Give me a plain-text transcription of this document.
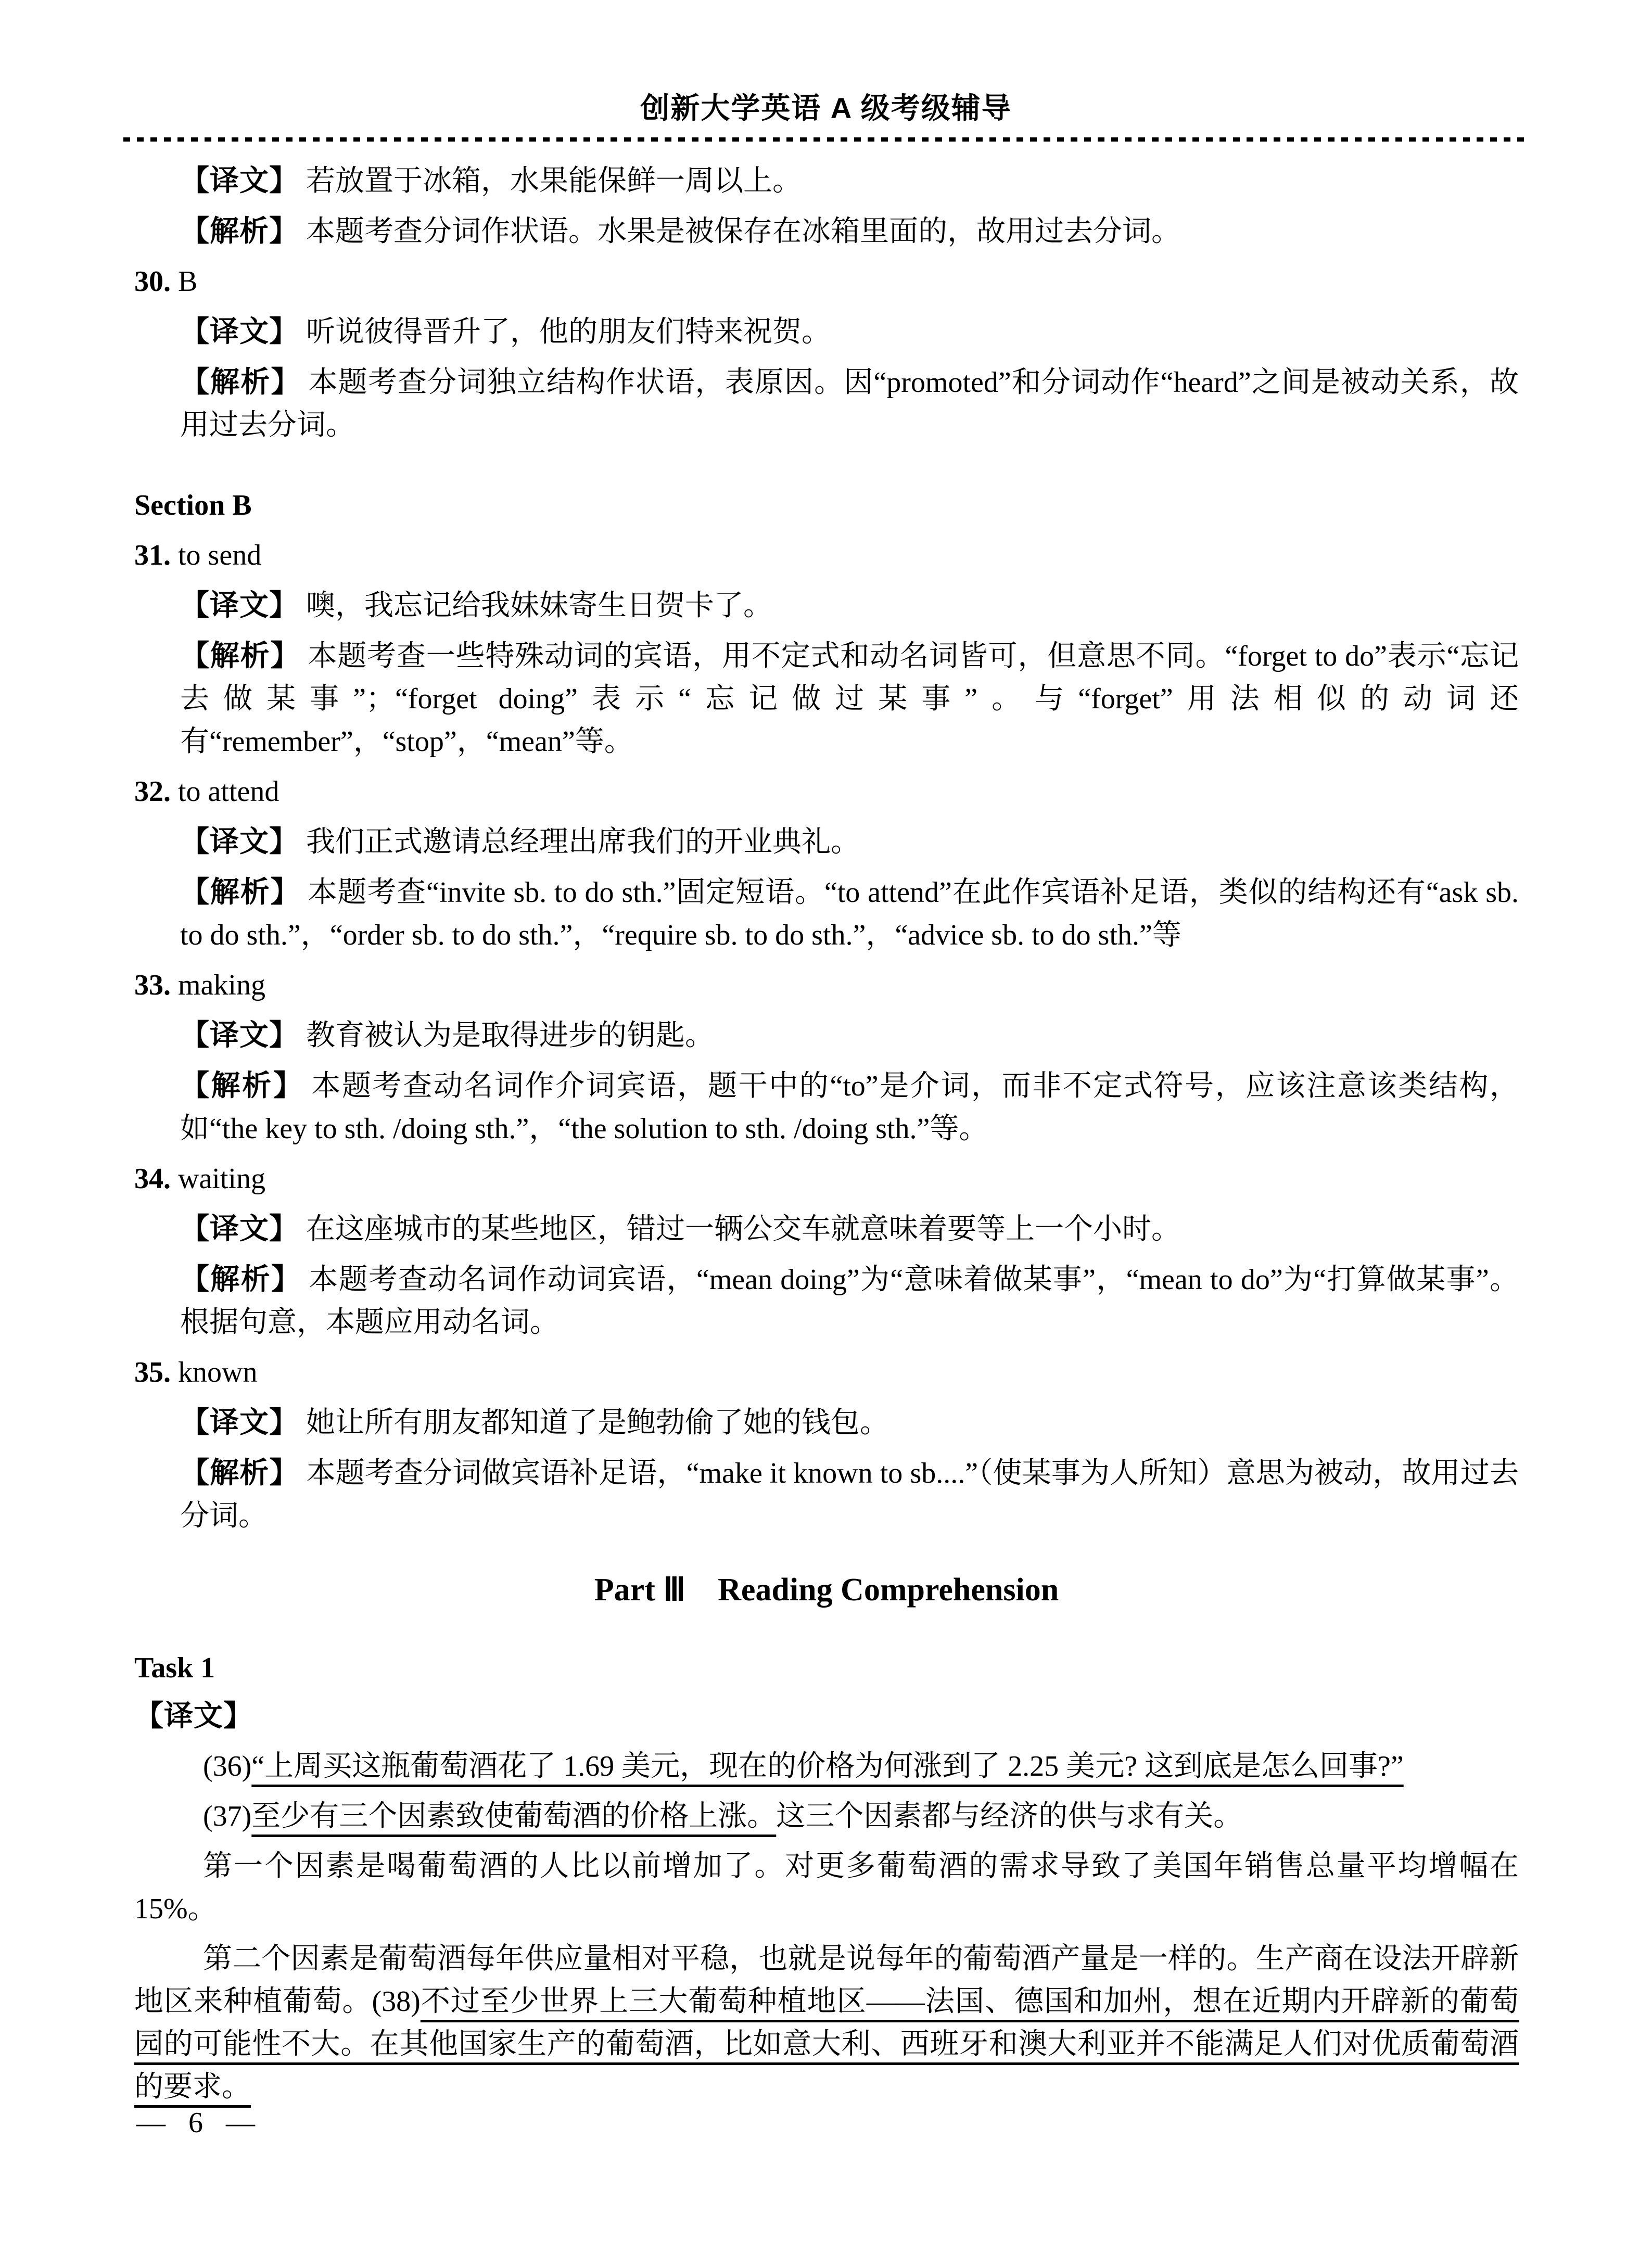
创新大学英语 A 级考级辅导

【译文】 若放置于冰箱，水果能保鲜一周以上。

【解析】 本题考查分词作状语。水果是被保存在冰箱里面的，故用过去分词。

30. B

【译文】 听说彼得晋升了，他的朋友们特来祝贺。

【解析】 本题考查分词独立结构作状语，表原因。因“promoted”和分词动作“heard”之间是被动关系，故用过去分词。

Section B

31. to send

【译文】 噢，我忘记给我妹妹寄生日贺卡了。

【解析】 本题考查一些特殊动词的宾语，用不定式和动名词皆可，但意思不同。“forget to do”表示“忘记去做某事”；“forget doing”表示“忘记做过某事”。与“forget”用法相似的动词还有“remember”，“stop”，“mean”等。

32. to attend

【译文】 我们正式邀请总经理出席我们的开业典礼。

【解析】 本题考查“invite sb. to do sth.”固定短语。“to attend”在此作宾语补足语，类似的结构还有“ask sb. to do sth.”，“order sb. to do sth.”，“require sb. to do sth.”，“advice sb. to do sth.”等

33. making

【译文】 教育被认为是取得进步的钥匙。

【解析】 本题考查动名词作介词宾语，题干中的“to”是介词，而非不定式符号，应该注意该类结构，如“the key to sth. /doing sth.”，“the solution to sth. /doing sth.”等。

34. waiting

【译文】 在这座城市的某些地区，错过一辆公交车就意味着要等上一个小时。

【解析】 本题考查动名词作动词宾语，“mean doing”为“意味着做某事”，“mean to do”为“打算做某事”。根据句意，本题应用动名词。

35. known

【译文】 她让所有朋友都知道了是鲍勃偷了她的钱包。

【解析】 本题考查分词做宾语补足语，“make it known to sb....”（使某事为人所知）意思为被动，故用过去分词。

Part Ⅲ　Reading Comprehension

Task 1

【译文】

(36)“上周买这瓶葡萄酒花了 1.69 美元，现在的价格为何涨到了 2.25 美元? 这到底是怎么回事?”

(37)至少有三个因素致使葡萄酒的价格上涨。这三个因素都与经济的供与求有关。

第一个因素是喝葡萄酒的人比以前增加了。对更多葡萄酒的需求导致了美国年销售总量平均增幅在 15%。

第二个因素是葡萄酒每年供应量相对平稳，也就是说每年的葡萄酒产量是一样的。生产商在设法开辟新地区来种植葡萄。(38)不过至少世界上三大葡萄种植地区——法国、德国和加州，想在近期内开辟新的葡萄园的可能性不大。在其他国家生产的葡萄酒，比如意大利、西班牙和澳大利亚并不能满足人们对优质葡萄酒的要求。

— 6 —
